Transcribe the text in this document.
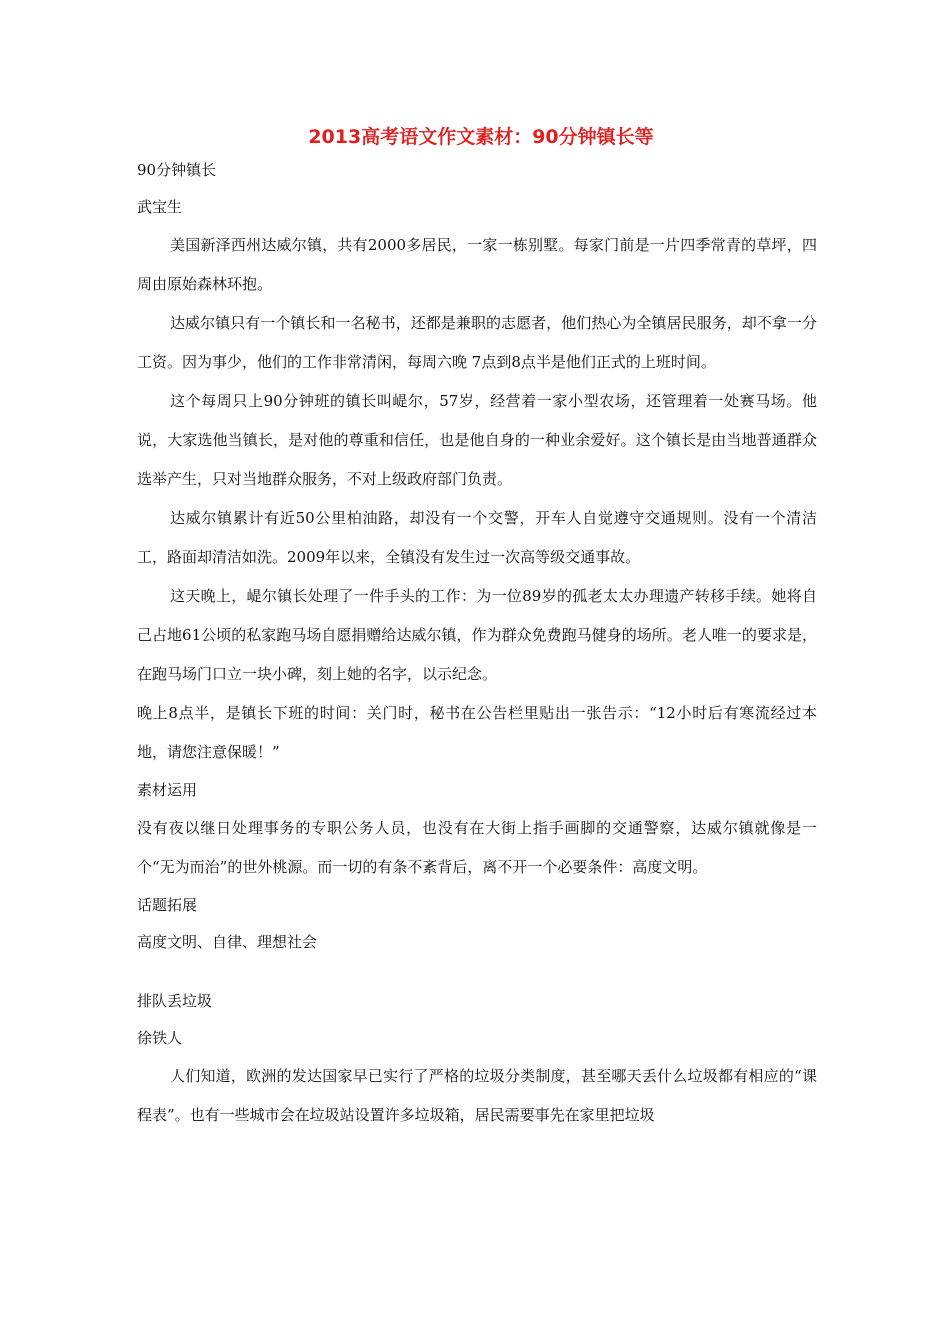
2013高考语文作文素材：90分钟镇长等

90分钟镇长

武宝生

美国新泽西州达威尔镇，共有2000多居民，一家一栋别墅。每家门前是一片四季常青的草坪，四周由原始森林环抱。

达威尔镇只有一个镇长和一名秘书，还都是兼职的志愿者，他们热心为全镇居民服务，却不拿一分工资。因为事少，他们的工作非常清闲，每周六晚 7点到8点半是他们正式的上班时间。

这个每周只上90分钟班的镇长叫崼尔，57岁，经营着一家小型农场，还管理着一处赛马场。他说，大家选他当镇长，是对他的尊重和信任，也是他自身的一种业余爱好。这个镇长是由当地普通群众选举产生，只对当地群众服务，不对上级政府部门负责。

达威尔镇累计有近50公里柏油路，却没有一个交警，开车人自觉遵守交通规则。没有一个清洁工，路面却清洁如洗。2009年以来，全镇没有发生过一次高等级交通事故。

这天晚上，崼尔镇长处理了一件手头的工作：为一位89岁的孤老太太办理遗产转移手续。她将自己占地61公顷的私家跑马场自愿捐赠给达威尔镇，作为群众免费跑马健身的场所。老人唯一的要求是，在跑马场门口立一块小碑，刻上她的名字，以示纪念。

晚上8点半，是镇长下班的时间：关门时，秘书在公告栏里贴出一张告示：“12小时后有寒流经过本地，请您注意保暖！”

素材运用

没有夜以继日处理事务的专职公务人员，也没有在大街上指手画脚的交通警察，达威尔镇就像是一个“无为而治”的世外桃源。而一切的有条不紊背后，离不开一个必要条件：高度文明。

话题拓展

高度文明、自律、理想社会

排队丢垃圾

徐铁人

人们知道，欧洲的发达国家早已实行了严格的垃圾分类制度，甚至哪天丢什么垃圾都有相应的“课程表”。也有一些城市会在垃圾站设置许多垃圾箱，居民需要事先在家里把垃圾
